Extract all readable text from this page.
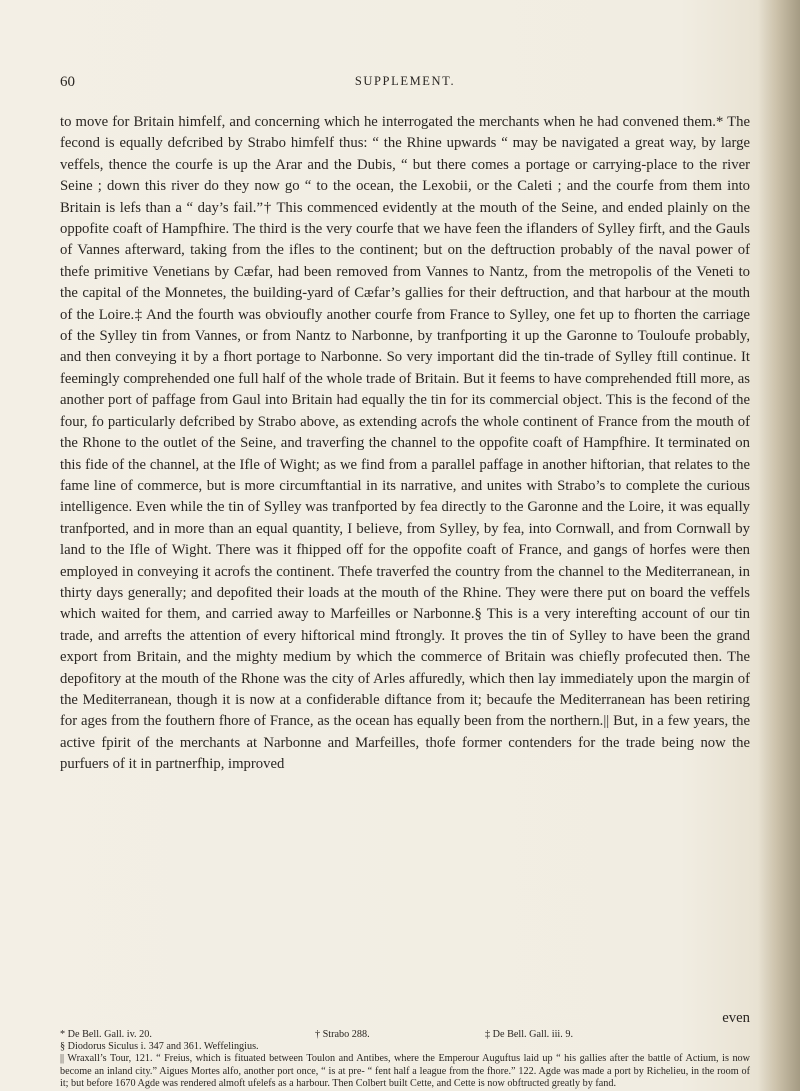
60	SUPPLEMENT.

to move for Britain himfelf, and concerning which he interrogated the merchants when he had convened them.* The fecond is equally defcribed by Strabo himfelf thus: “ the Rhine upwards “ may be navigated a great way, by large veffels, thence the courfe is up the Arar and the Dubis, “ but there comes a portage or carrying-place to the river Seine ; down this river do they now go “ to the ocean, the Lexobii, or the Caleti ; and the courfe from them into Britain is lefs than a “ day’s fail.”† This commenced evidently at the mouth of the Seine, and ended plainly on the oppofite coaft of Hampfhire. The third is the very courfe that we have feen the iflanders of Sylley firft, and the Gauls of Vannes afterward, taking from the ifles to the continent; but on the deftruction probably of the naval power of thefe primitive Venetians by Cæfar, had been removed from Vannes to Nantz, from the metropolis of the Veneti to the capital of the Monnetes, the building-yard of Cæfar’s gallies for their deftruction, and that harbour at the mouth of the Loire.‡ And the fourth was obvioufly another courfe from France to Sylley, one fet up to fhorten the carriage of the Sylley tin from Vannes, or from Nantz to Narbonne, by tranfporting it up the Garonne to Touloufe probably, and then conveying it by a fhort portage to Narbonne. So very important did the tin-trade of Sylley ftill continue. It feemingly comprehended one full half of the whole trade of Britain. But it feems to have comprehended ftill more, as another port of paffage from Gaul into Britain had equally the tin for its commercial object. This is the fecond of the four, fo particularly defcribed by Strabo above, as extending acrofs the whole continent of France from the mouth of the Rhone to the outlet of the Seine, and traverfing the channel to the oppofite coaft of Hampfhire. It terminated on this fide of the channel, at the Ifle of Wight; as we find from a parallel paffage in another hiftorian, that relates to the fame line of commerce, but is more circumftantial in its narrative, and unites with Strabo’s to complete the curious intelligence. Even while the tin of Sylley was tranfported by fea directly to the Garonne and the Loire, it was equally tranfported, and in more than an equal quantity, I believe, from Sylley, by fea, into Cornwall, and from Cornwall by land to the Ifle of Wight. There was it fhipped off for the oppofite coaft of France, and gangs of horfes were then employed in conveying it acrofs the continent. Thefe traverfed the country from the channel to the Mediterranean, in thirty days generally; and depofited their loads at the mouth of the Rhine. They were there put on board the veffels which waited for them, and carried away to Marfeilles or Narbonne.§ This is a very interefting account of our tin trade, and arrefts the attention of every hiftorical mind ftrongly. It proves the tin of Sylley to have been the grand export from Britain, and the mighty medium by which the commerce of Britain was chiefly profecuted then. The depofitory at the mouth of the Rhone was the city of Arles affuredly, which then lay immediately upon the margin of the Mediterranean, though it is now at a confiderable diftance from it; becaufe the Mediterranean has been retiring for ages from the fouthern fhore of France, as the ocean has equally been from the northern.|| But, in a few years, the active fpirit of the merchants at Narbonne and Marfeilles, thofe former contenders for the trade being now the purfuers of it in partnerfhip, improved

even
* De Bell. Gall. iv. 20.	† Strabo 288.	‡ De Bell. Gall. iii. 9.
§ Diodorus Siculus i. 347 and 361. Weffelingius.
|| Wraxall’s Tour, 121. “ Freius, which is fituated between Toulon and Antibes, where the Emperour Auguftus laid up “ his gallies after the battle of Actium, is now become an inland city.” Aigues Mortes alfo, another port once, “ is at pre- “ fent half a league from the fhore.” 122. Agde was made a port by Richelieu, in the room of it; but before 1670 Agde was rendered almoft ufelefs as a harbour. Then Colbert built Cette, and Cette is now obftructed greatly by fand.
